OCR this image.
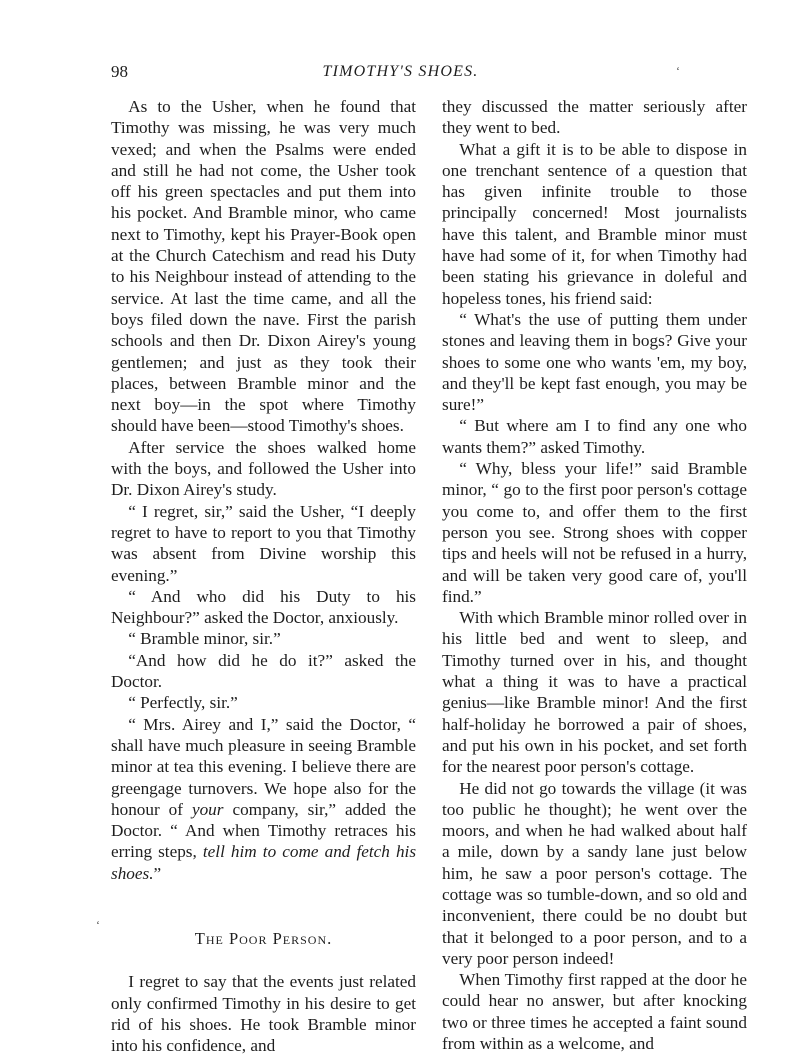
98	TIMOTHY'S SHOES.

As to the Usher, when he found that Timothy was missing, he was very much vexed; and when the Psalms were ended and still he had not come, the Usher took off his green spectacles and put them into his pocket. And Bramble minor, who came next to Timothy, kept his Prayer-Book open at the Church Catechism and read his Duty to his Neighbour instead of attending to the service. At last the time came, and all the boys filed down the nave. First the parish schools and then Dr. Dixon Airey's young gentlemen; and just as they took their places, between Bramble minor and the next boy—in the spot where Timothy should have been—stood Timothy's shoes.

After service the shoes walked home with the boys, and followed the Usher into Dr. Dixon Airey's study.

“ I regret, sir,” said the Usher, “I deeply regret to have to report to you that Timothy was absent from Divine worship this evening.”

“ And who did his Duty to his Neighbour?” asked the Doctor, anxiously.

“ Bramble minor, sir.”

“And how did he do it?” asked the Doctor.

“ Perfectly, sir.”

“ Mrs. Airey and I,” said the Doctor, “ shall have much pleasure in seeing Bramble minor at tea this evening. I believe there are greengage turnovers. We hope also for the honour of your company, sir,” added the Doctor. “ And when Timothy retraces his erring steps, tell him to come and fetch his shoes.”

The Poor Person.

I regret to say that the events just related only confirmed Timothy in his desire to get rid of his shoes. He took Bramble minor into his confidence, and

they discussed the matter seriously after they went to bed.

What a gift it is to be able to dispose in one trenchant sentence of a question that has given infinite trouble to those principally concerned! Most journalists have this talent, and Bramble minor must have had some of it, for when Timothy had been stating his grievance in doleful and hopeless tones, his friend said:

“ What's the use of putting them under stones and leaving them in bogs? Give your shoes to some one who wants 'em, my boy, and they'll be kept fast enough, you may be sure!”

“ But where am I to find any one who wants them?” asked Timothy.

“ Why, bless your life!” said Bramble minor, “ go to the first poor person's cottage you come to, and offer them to the first person you see. Strong shoes with copper tips and heels will not be refused in a hurry, and will be taken very good care of, you'll find.”

With which Bramble minor rolled over in his little bed and went to sleep, and Timothy turned over in his, and thought what a thing it was to have a practical genius—like Bramble minor! And the first half-holiday he borrowed a pair of shoes, and put his own in his pocket, and set forth for the nearest poor person's cottage.

He did not go towards the village (it was too public he thought); he went over the moors, and when he had walked about half a mile, down by a sandy lane just below him, he saw a poor person's cottage. The cottage was so tumble-down, and so old and inconvenient, there could be no doubt but that it belonged to a poor person, and to a very poor person indeed!

When Timothy first rapped at the door he could hear no answer, but after knocking two or three times he accepted a faint sound from within as a welcome, and

‘
‘
